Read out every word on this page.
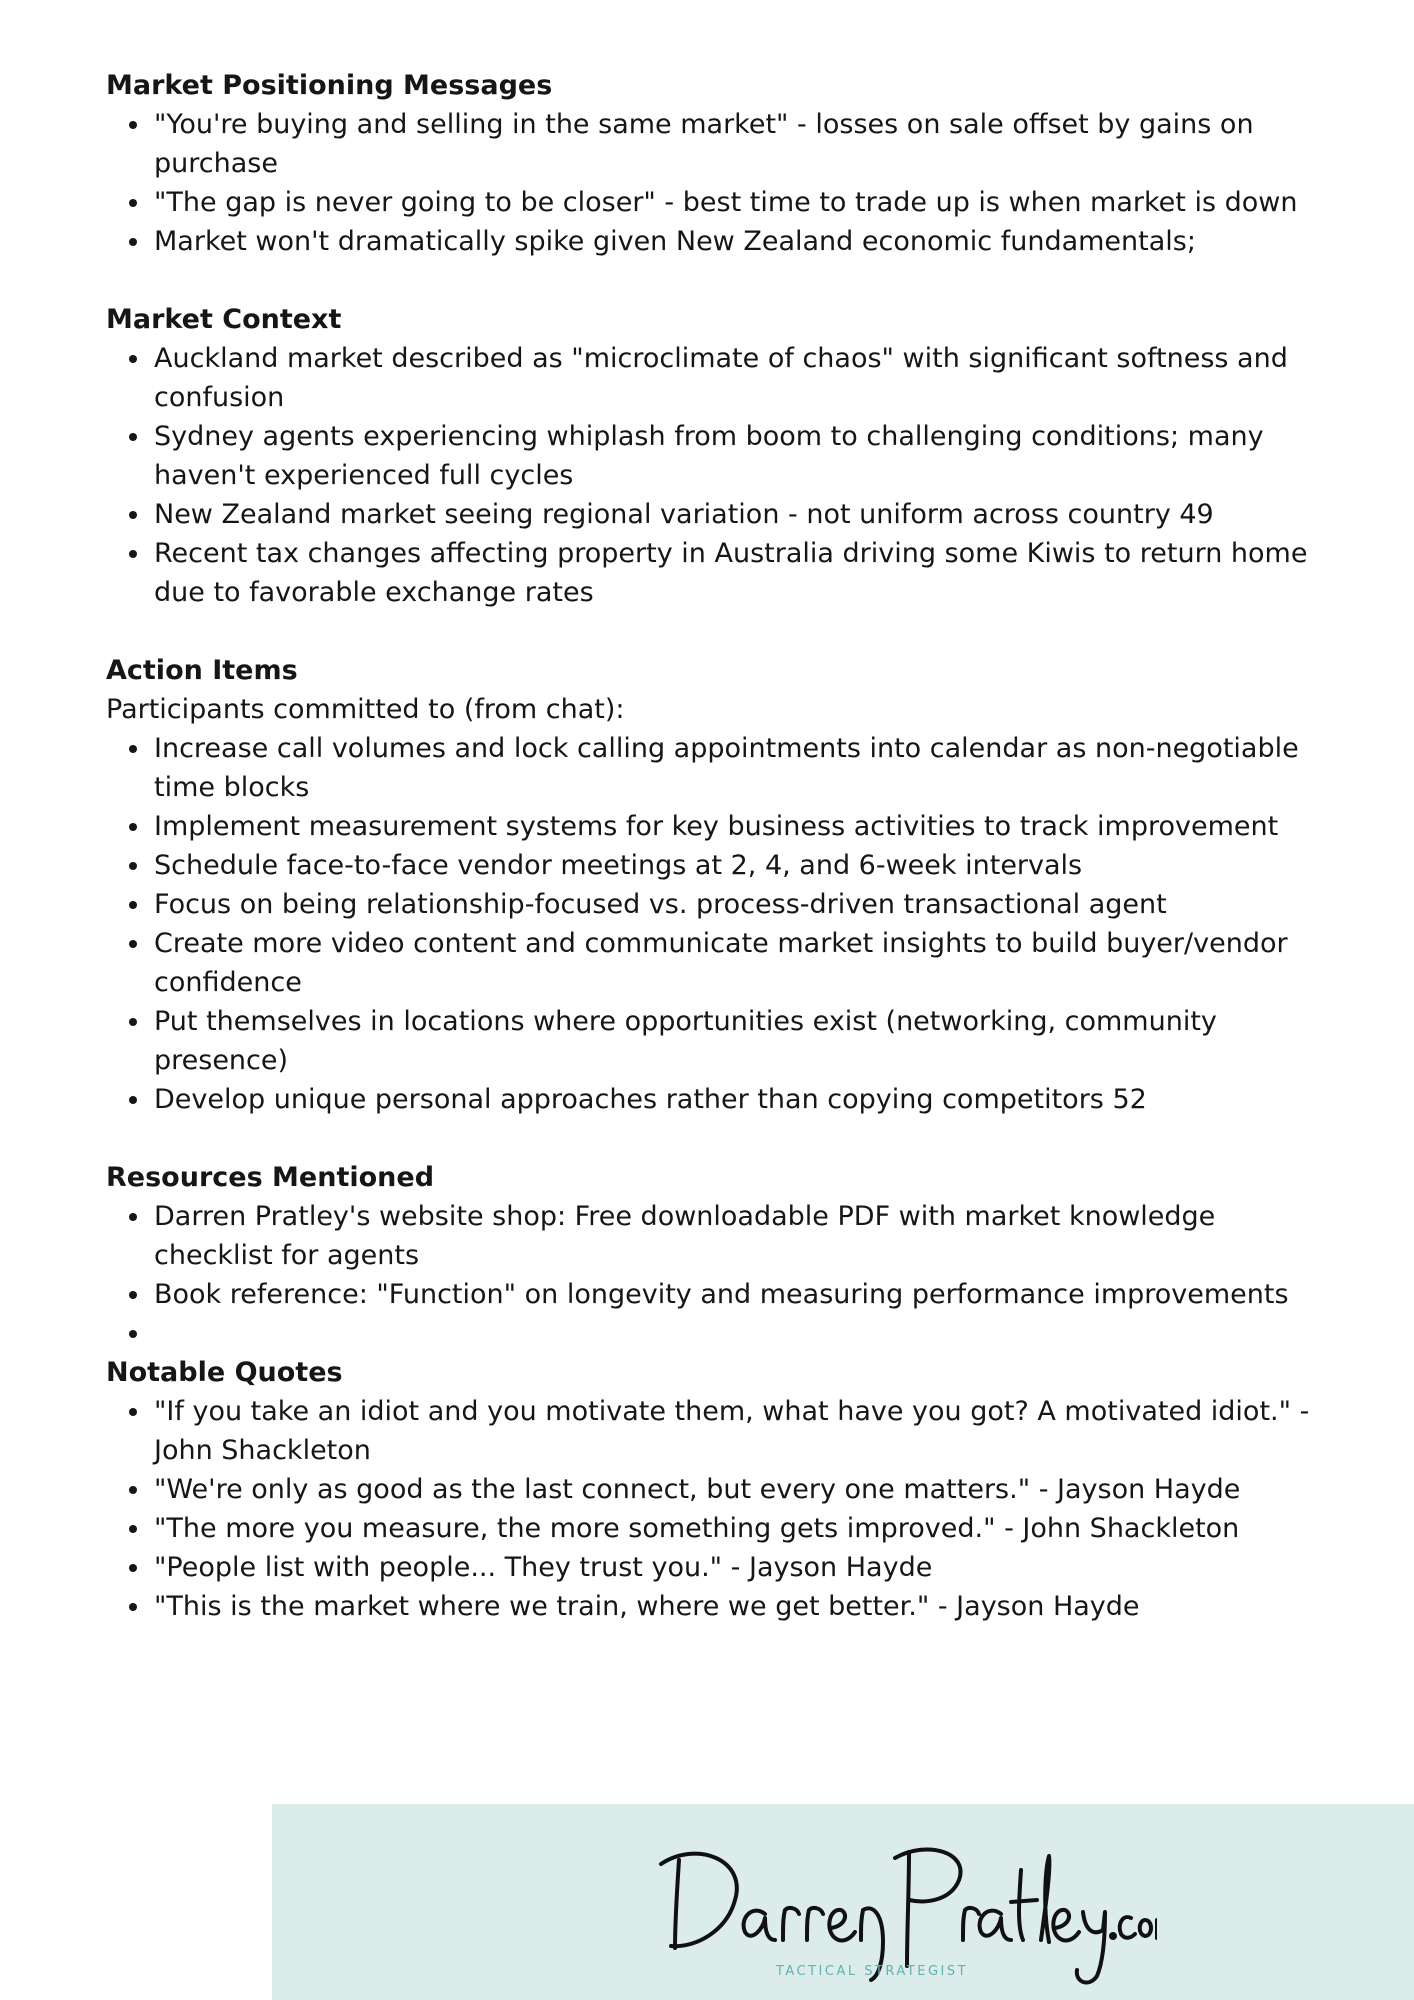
Market Positioning Messages
"You're buying and selling in the same market" - losses on sale offset by gains on purchase
"The gap is never going to be closer" - best time to trade up is when market is down
Market won't dramatically spike given New Zealand economic fundamentals;
Market Context
Auckland market described as "microclimate of chaos" with significant softness and confusion
Sydney agents experiencing whiplash from boom to challenging conditions; many haven't experienced full cycles
New Zealand market seeing regional variation - not uniform across country 49
Recent tax changes affecting property in Australia driving some Kiwis to return home due to favorable exchange rates
Action Items
Participants committed to (from chat):
Increase call volumes and lock calling appointments into calendar as non-negotiable time blocks
Implement measurement systems for key business activities to track improvement
Schedule face-to-face vendor meetings at 2, 4, and 6-week intervals
Focus on being relationship-focused vs. process-driven transactional agent
Create more video content and communicate market insights to build buyer/vendor confidence
Put themselves in locations where opportunities exist (networking, community presence)
Develop unique personal approaches rather than copying competitors 52
Resources Mentioned
Darren Pratley's website shop: Free downloadable PDF with market knowledge checklist for agents
Book reference: "Function" on longevity and measuring performance improvements
Notable Quotes
"If you take an idiot and you motivate them, what have you got? A motivated idiot." - John Shackleton
"We're only as good as the last connect, but every one matters." - Jayson Hayde
"The more you measure, the more something gets improved." - John Shackleton
"People list with people... They trust you." - Jayson Hayde
"This is the market where we train, where we get better." - Jayson Hayde
TACTICAL STRATEGIST
